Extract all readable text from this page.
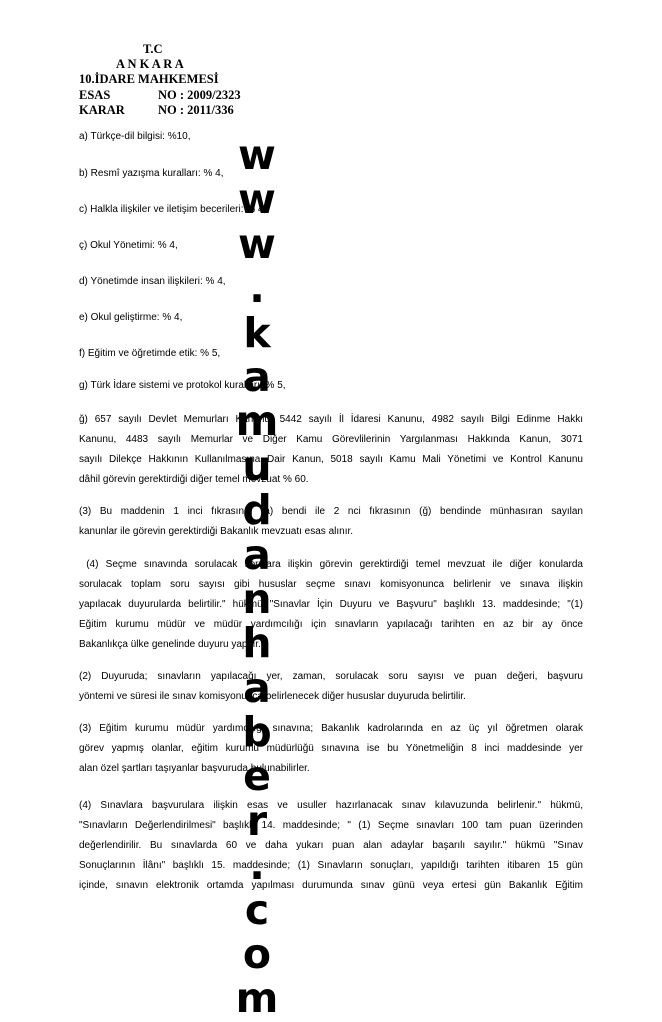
T.C
A N K A R A
10.İDARE MAHKEMESİ
ESAS	NO : 2009/2323
KARAR	NO : 2011/336
a) Türkçe-dil bilgisi: %10,
b) Resmî yazışma kuralları: % 4,
c) Halkla ilişkiler ve iletişim becerileri: % 4,
ç) Okul Yönetimi: % 4,
d) Yönetimde insan ilişkileri: % 4,
e) Okul geliştirme: % 4,
f) Eğitim ve öğretimde etik: % 5,
g) Türk İdare sistemi ve protokol kuralları: % 5,
ğ) 657 sayılı Devlet Memurları Kanunu, 5442 sayılı İl İdaresi Kanunu, 4982 sayılı Bilgi Edinme Hakkı
Kanunu, 4483 sayılı Memurlar ve Diğer Kamu Görevlilerinin Yargılanması Hakkında Kanun, 3071
sayılı Dilekçe Hakkının Kullanılmasına Dair Kanun, 5018 sayılı Kamu Mali Yönetimi ve Kontrol Kanunu
dâhil görevin gerektirdiği diğer temel mevzuat % 60.
(3) Bu maddenin 1 inci fıkrasının (a) bendi ile 2 nci fıkrasının (ğ) bendinde münhasıran sayılan
kanunlar ile görevin gerektirdiği Bakanlık mevzuatı esas alınır.
(4) Seçme sınavında sorulacak sorulara ilişkin görevin gerektirdiği temel mevzuat ile diğer konularda
sorulacak toplam soru sayısı gibi hususlar seçme sınavı komisyonunca belirlenir ve sınava ilişkin
yapılacak duyurularda belirtilir." hükmü "Sınavlar İçin Duyuru ve Başvuru" başlıklı 13. maddesinde; "(1)
Eğitim kurumu müdür ve müdür yardımcılığı için sınavların yapılacağı tarihten en az bir ay önce
Bakanlıkça ülke genelinde duyuru yapılır.
(2) Duyuruda; sınavların yapılacağı yer, zaman, sorulacak soru sayısı ve puan değeri, başvuru
yöntemi ve süresi ile sınav komisyonunca belirlenecek diğer hususlar duyuruda belirtilir.
(3) Eğitim kurumu müdür yardımcılığı sınavına; Bakanlık kadrolarında en az üç yıl öğretmen olarak
görev yapmış olanlar, eğitim kurumu müdürlüğü sınavına ise bu Yönetmeliğin 8 inci maddesinde yer
alan özel şartları taşıyanlar başvuruda bulunabilirler.
(4) Sınavlara başvurulara ilişkin esas ve usuller hazırlanacak sınav kılavuzunda belirlenir." hükmü,
"Sınavların Değerlendirilmesi" başlıklı 14. maddesinde; " (1) Seçme sınavları 100 tam puan üzerinden
değerlendirilir. Bu sınavlarda 60 ve daha yukarı puan alan adaylar başarılı sayılır." hükmü "Sınav
Sonuçlarının İlânı" başlıklı 15. maddesinde; (1) Sınavların sonuçları, yapıldığı tarihten itibaren 15 gün
içinde, sınavın elektronik ortamda yapılması durumunda sınav günü veya ertesi gün Bakanlık Eğitim
w
w
w
.
k
a
m
u
d
a
n
h
a
b
e
r
.
c
o
m
